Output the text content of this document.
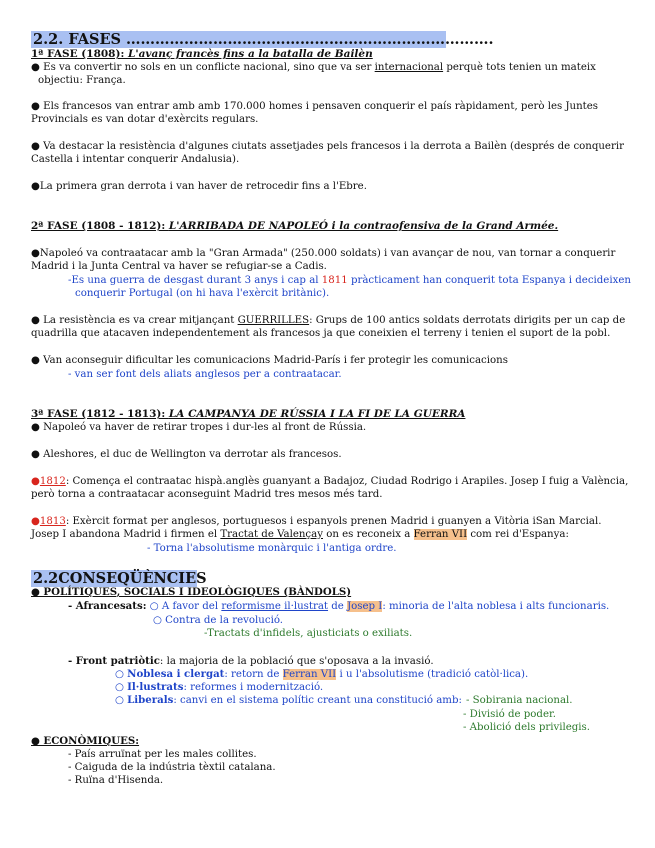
2.2. FASES ………………………………………………………………….
1ª FASE (1808): L'avanç francès fins a la batalla de Bailèn
● Es va convertir no sols en un conflicte nacional, sino que va ser internacional perquè tots tenien un mateix
objectiu: França.
● Els francesos van entrar amb amb 170.000 homes i pensaven conquerir el país ràpidament, però les Juntes
Provincials es van dotar d'exèrcits regulars.
● Va destacar la resistència d'algunes ciutats assetjades pels francesos i la derrota a Bailèn (després de conquerir
Castella i intentar conquerir Andalusia).
●La primera gran derrota i van haver de retrocedir fins a l'Ebre.
2ª FASE (1808 - 1812): L'ARRIBADA DE NAPOLEÓ i la contraofensiva de la Grand Armée.
●Napoleó va contraatacar amb la "Gran Armada" (250.000 soldats) i van avançar de nou, van tornar a conquerir
Madrid i la Junta Central va haver se refugiar-se a Cadis.
-Es una guerra de desgast durant 3 anys i cap al 1811 pràcticament han conquerit tota Espanya i decideixen
conquerir Portugal (on hi hava l'exèrcit britànic).
● La resistència es va crear mitjançant GUERRILLES: Grups de 100 antics soldats derrotats dirigits per un cap de
quadrilla que atacaven independentement als francesos ja que coneixien el terreny i tenien el suport de la pobl.
● Van aconseguir dificultar les comunicacions Madrid-París i fer protegir les comunicacions
- van ser font dels aliats anglesos per a contraatacar.
3ª FASE (1812 - 1813): LA CAMPANYA DE RÚSSIA I LA FI DE LA GUERRA
● Napoleó va haver de retirar tropes i dur-les al front de Rússia.
● Aleshores, el duc de Wellington va derrotar als francesos.
●1812: Comença el contraatac hispà.anglès guanyant a Badajoz, Ciudad Rodrigo i Arapiles. Josep I fuig a València,
però torna a contraatacar aconseguint Madrid tres mesos més tard.
●1813: Exèrcit format per anglesos, portuguesos i espanyols prenen Madrid i guanyen a Vitòria iSan Marcial.
Josep I abandona Madrid i firmen el Tractat de Valençay on es reconeix a Ferran VII com rei d'Espanya:
- Torna l'absolutisme monàrquic i l'antiga ordre.
2.2CONSEQÜÈNCIES
● POLÍTIQUES, SOCIALS I IDEOLÒGIQUES (BÀNDOLS)
- Afrancesats: ○ A favor del reformisme il·lustrat de Josep I: minoria de l'alta noblesa i alts funcionaris.
○ Contra de la revolució.
-Tractats d'infidels, ajusticiats o exiliats.
- Front patriòtic: la majoria de la població que s'oposava a la invasió.
○ Noblesa i clergat: retorn de Ferran VII i u l'absolutisme (tradició catòl·lica).
○ Il·lustrats: reformes i modernització.
○ Liberals: canvi en el sistema polític creant una constitució amb: - Sobirania nacional.
- Divisió de poder.
- Abolició dels privilegis.
● ECONÒMIQUES:
- País arruïnat per les males collites.
- Caiguda de la indústria tèxtil catalana.
- Ruïna d'Hisenda.
